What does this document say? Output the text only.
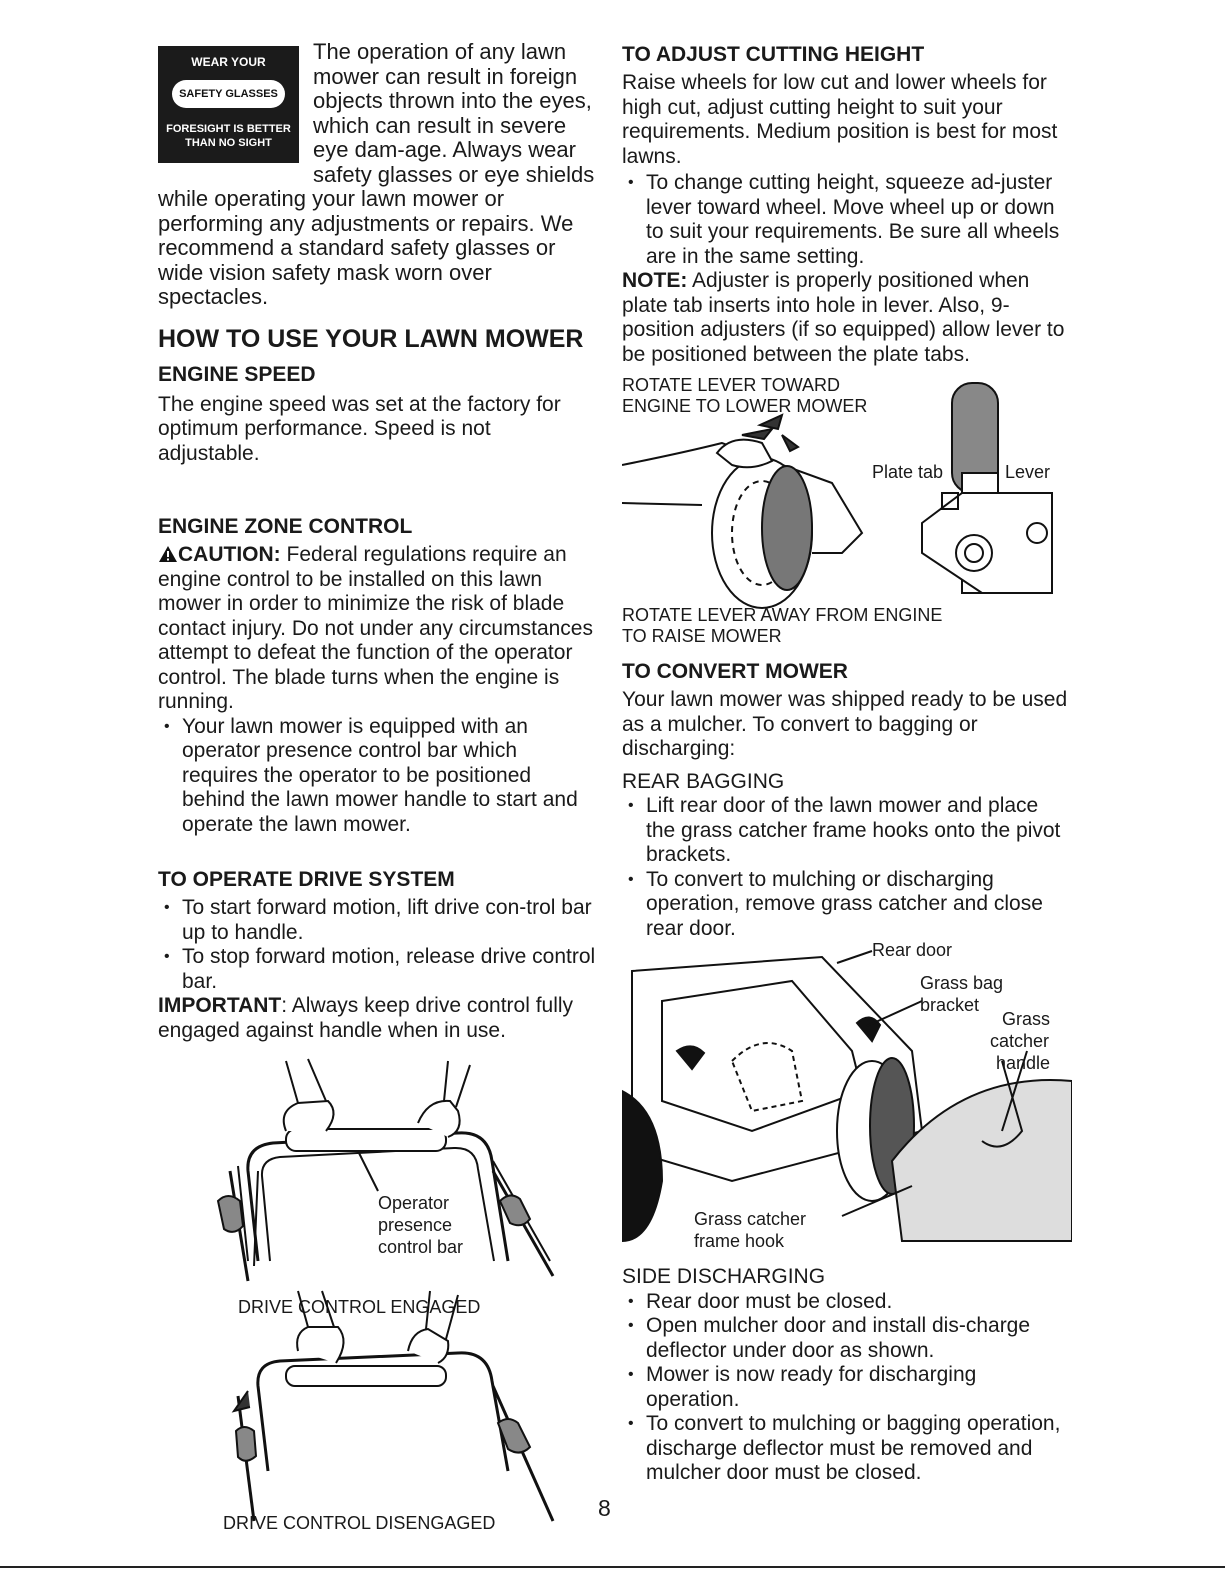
WEAR YOUR
SAFETY GLASSES
FORESIGHT IS BETTER
THAN NO SIGHT

The operation of any lawn mower can result in foreign objects thrown into the eyes, which can result in severe eye dam-age. Always wear safety glasses or eye shields while operating your lawn mower or performing any adjustments or repairs. We recommend a standard safety glasses or wide vision safety mask worn over spectacles.

HOW TO USE YOUR LAWN MOWER
ENGINE SPEED

The engine speed was set at the factory for optimum performance. Speed is not adjustable.

ENGINE ZONE CONTROL

CAUTION: Federal regulations require an engine control to be installed on this lawn mower in order to minimize the risk of blade contact injury. Do not under any circumstances attempt to defeat the function of the operator control. The blade turns when the engine is running.

• Your lawn mower is equipped with an operator presence control bar which requires the operator to be positioned behind the lawn mower handle to start and operate the lawn mower.
TO OPERATE DRIVE SYSTEM
• To start forward motion, lift drive con-trol bar up to handle.
• To stop forward motion, release drive control bar.

IMPORTANT: Always keep drive control fully engaged against handle when in use.

Operator
presence
control bar
DRIVE CONTROL ENGAGED
DRIVE CONTROL DISENGAGED
TO ADJUST CUTTING HEIGHT

Raise wheels for low cut and lower wheels for high cut, adjust cutting height to suit your requirements. Medium position is best for most lawns.

• To change cutting height, squeeze ad-juster lever toward wheel. Move wheel up or down to suit your requirements. Be sure all wheels are in the same setting.

NOTE: Adjuster is properly positioned when plate tab inserts into hole in lever. Also, 9-position adjusters (if so equipped) allow lever to be positioned between the plate tabs.

ROTATE LEVER TOWARD
ENGINE TO LOWER MOWER
Plate tab	Lever
ROTATE LEVER AWAY FROM ENGINE
TO RAISE MOWER
TO CONVERT MOWER

Your lawn mower was shipped ready to be used as a mulcher. To convert to bagging or discharging:

REAR BAGGING

• Lift rear door of the lawn mower and place the grass catcher frame hooks onto the pivot brackets.
• To convert to mulching or discharging operation, remove grass catcher and close rear door.
Rear door
Grass bag
bracket
Grass
catcher
handle
Grass catcher
frame hook

SIDE DISCHARGING

• Rear door must be closed.
• Open mulcher door and install dis-charge deflector under door as shown.
• Mower is now ready for discharging operation.
• To convert to mulching or bagging operation, discharge deflector must be removed and mulcher door must be closed.
8
